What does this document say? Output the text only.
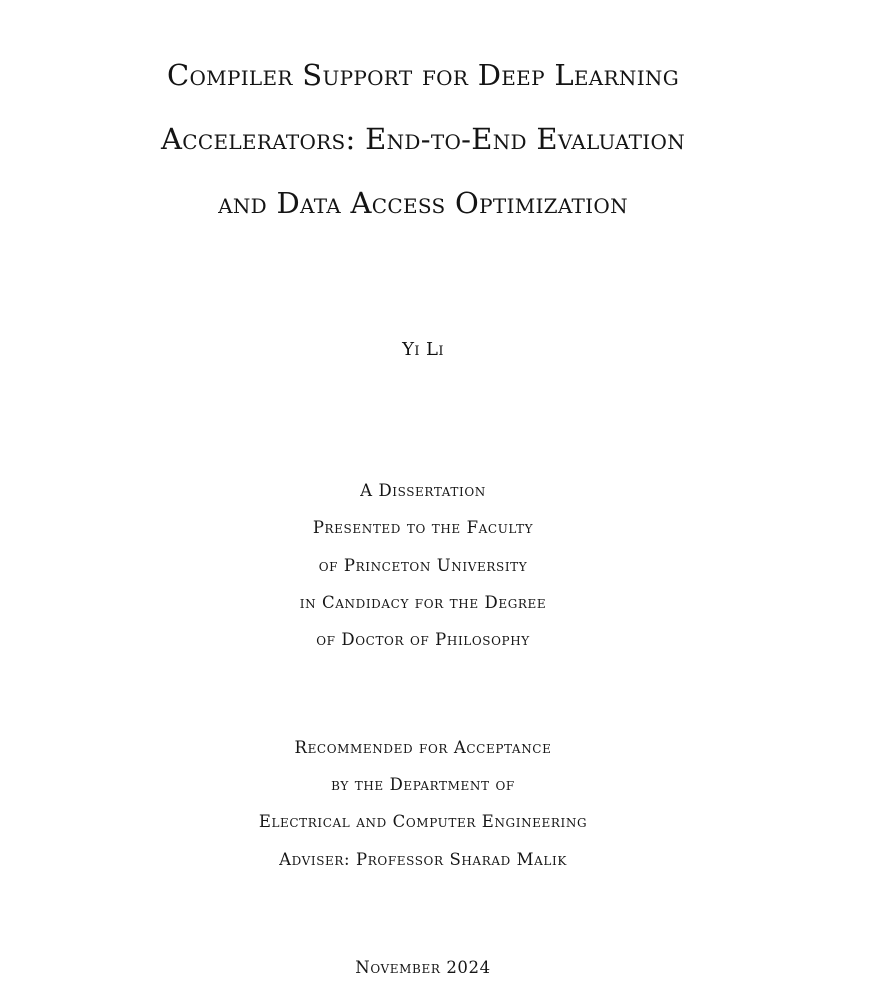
Compiler Support for Deep Learning
Accelerators: End-to-End Evaluation
and Data Access Optimization
Yi Li
A Dissertation
Presented to the Faculty
of Princeton University
in Candidacy for the Degree
of Doctor of Philosophy
Recommended for Acceptance
by the Department of
Electrical and Computer Engineering
Adviser: Professor Sharad Malik
November 2024
